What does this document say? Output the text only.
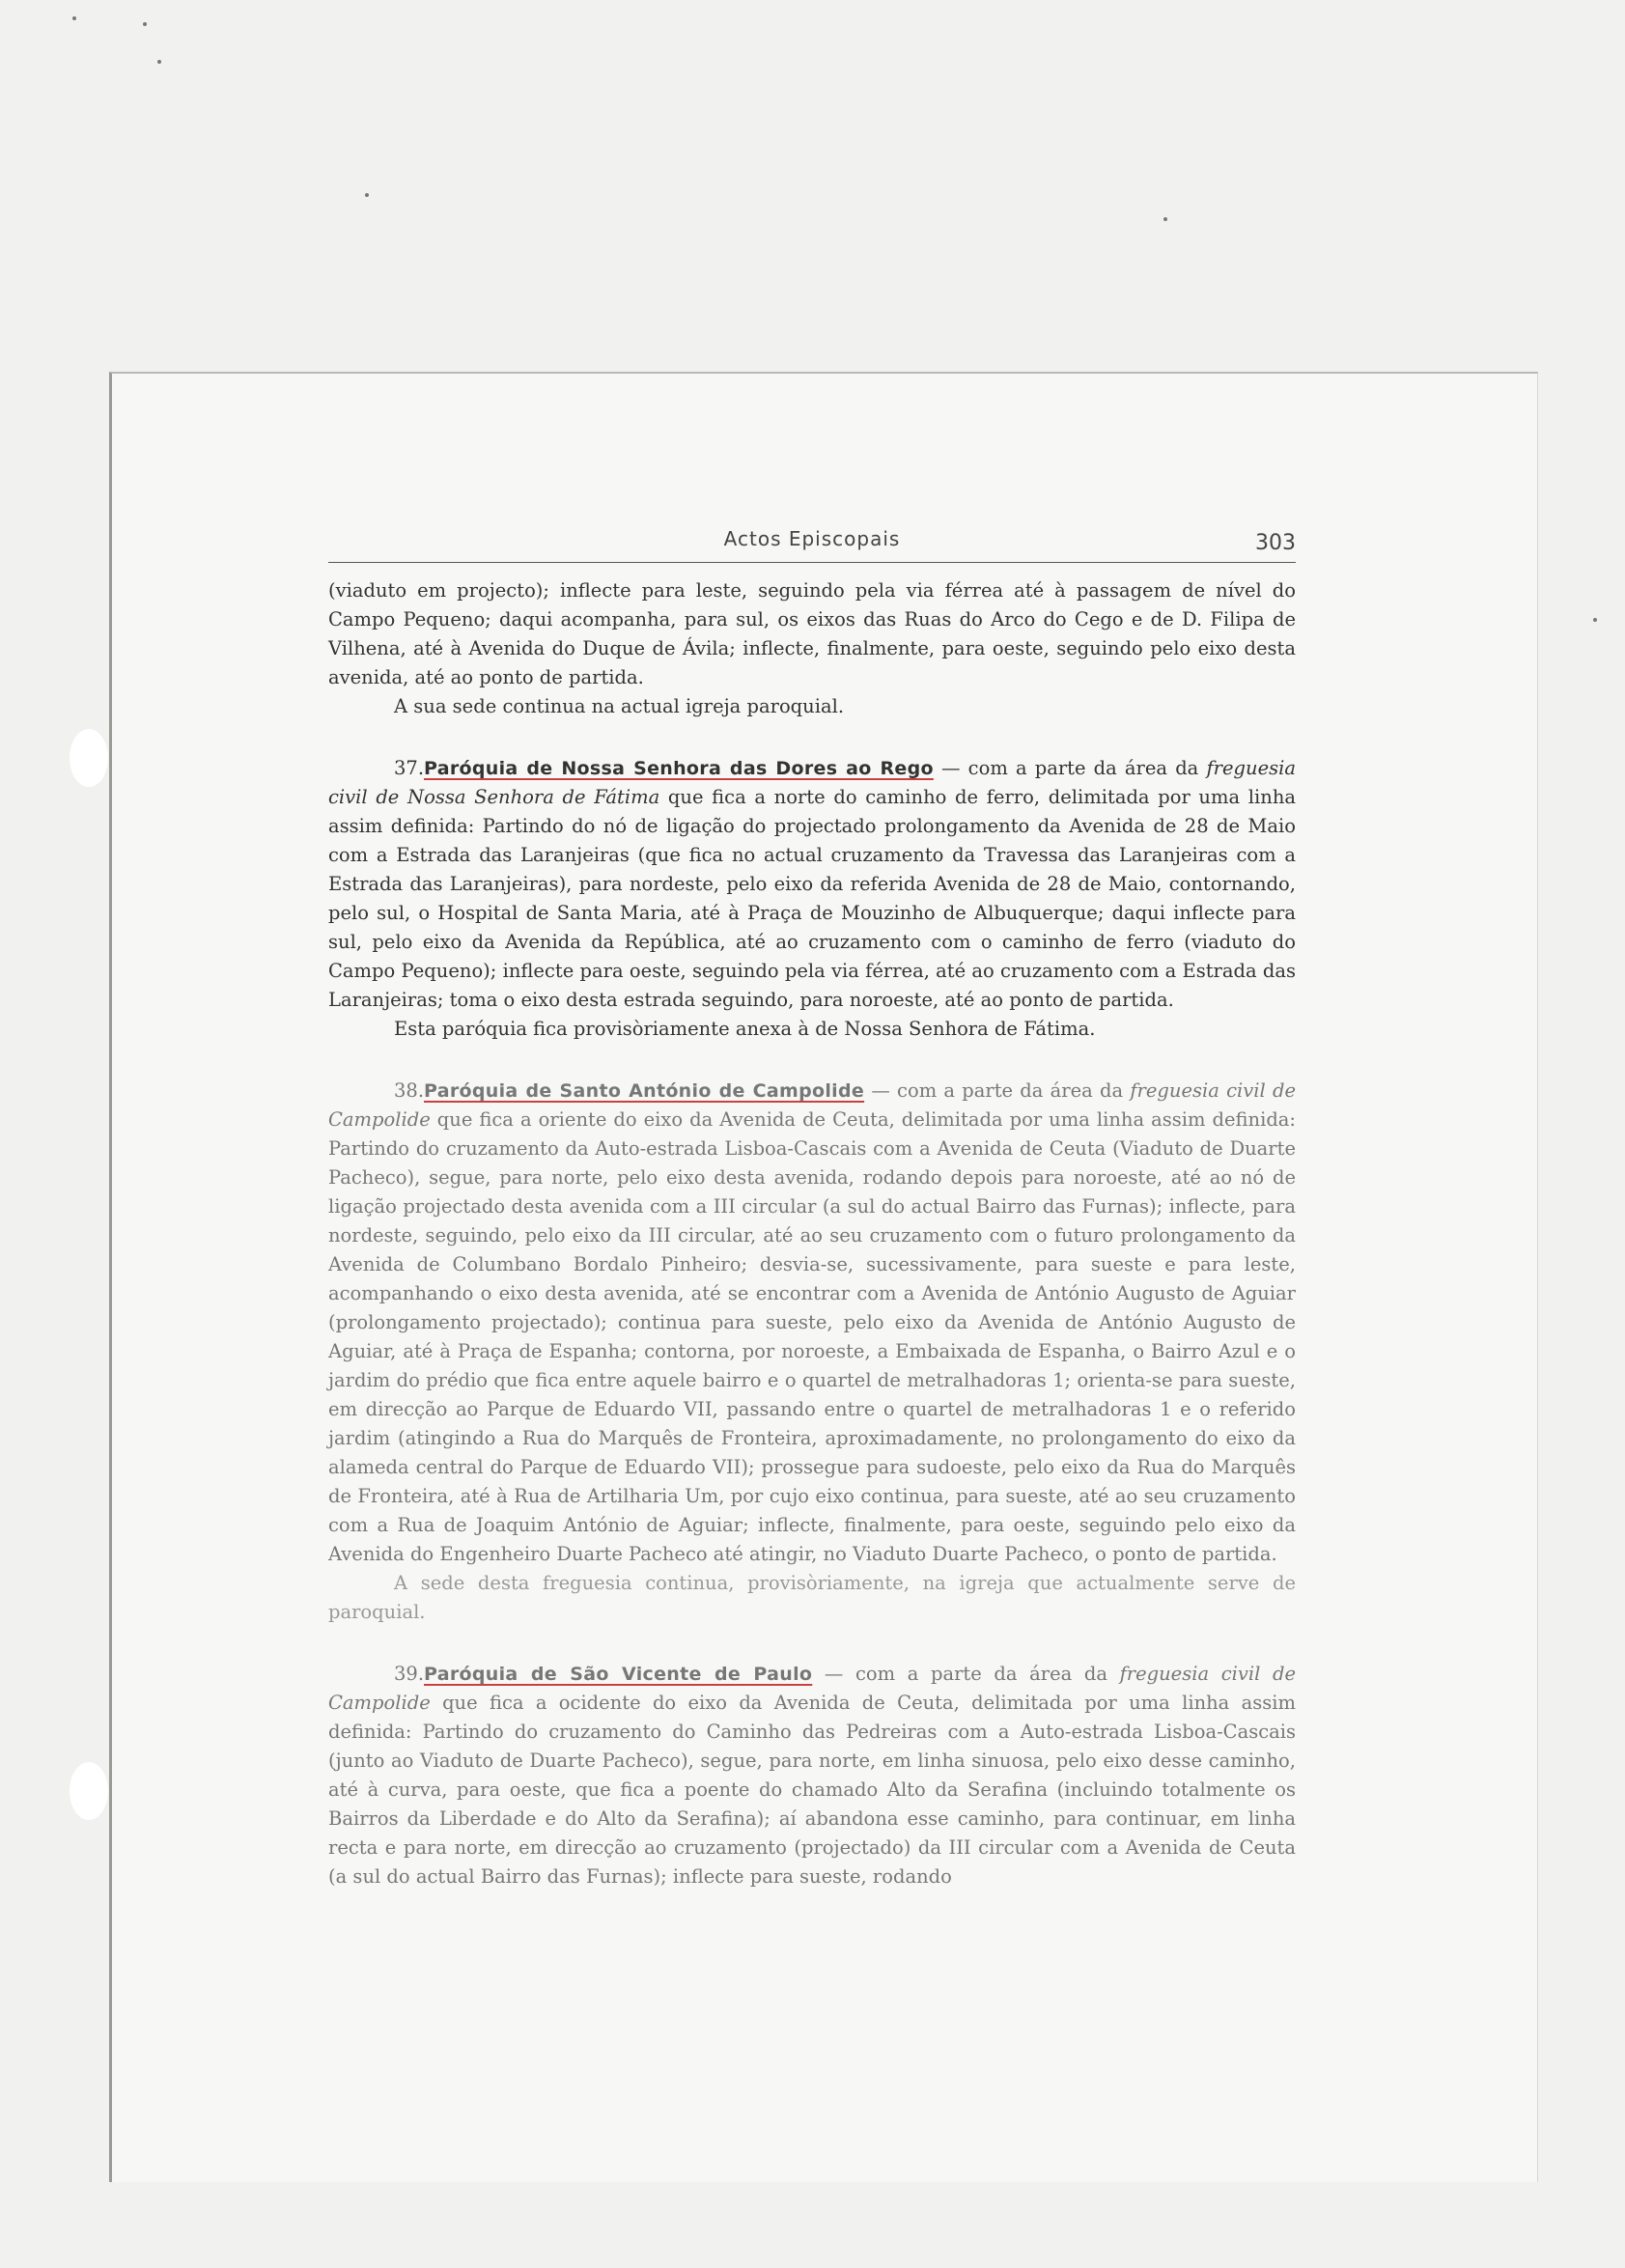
Actos Episcopais	303

(viaduto em projecto); inflecte para leste, seguindo pela via férrea até à passagem de nível do Campo Pequeno; daqui acompanha, para sul, os eixos das Ruas do Arco do Cego e de D. Filipa de Vilhena, até à Avenida do Duque de Ávila; inflecte, finalmente, para oeste, seguindo pelo eixo desta avenida, até ao ponto de partida.

A sua sede continua na actual igreja paroquial.

37.Paróquia de Nossa Senhora das Dores ao Rego — com a parte da área da freguesia civil de Nossa Senhora de Fátima que fica a norte do caminho de ferro, delimitada por uma linha assim definida: Partindo do nó de ligação do projectado prolongamento da Avenida de 28 de Maio com a Estrada das Laranjeiras (que fica no actual cruzamento da Travessa das Laranjeiras com a Estrada das Laranjeiras), para nordeste, pelo eixo da referida Avenida de 28 de Maio, contornando, pelo sul, o Hospital de Santa Maria, até à Praça de Mouzinho de Albuquerque; daqui inflecte para sul, pelo eixo da Avenida da República, até ao cruzamento com o caminho de ferro (viaduto do Campo Pequeno); inflecte para oeste, seguindo pela via férrea, até ao cruzamento com a Estrada das Laranjeiras; toma o eixo desta estrada seguindo, para noroeste, até ao ponto de partida.

Esta paróquia fica provisòriamente anexa à de Nossa Senhora de Fátima.

38.Paróquia de Santo António de Campolide — com a parte da área da freguesia civil de Campolide que fica a oriente do eixo da Avenida de Ceuta, delimitada por uma linha assim definida: Partindo do cruzamento da Auto-estrada Lisboa-Cascais com a Avenida de Ceuta (Viaduto de Duarte Pacheco), segue, para norte, pelo eixo desta avenida, rodando depois para noroeste, até ao nó de ligação projectado desta avenida com a III circular (a sul do actual Bairro das Furnas); inflecte, para nordeste, seguindo, pelo eixo da III circular, até ao seu cruzamento com o futuro prolongamento da Avenida de Columbano Bordalo Pinheiro; desvia-se, sucessivamente, para sueste e para leste, acompanhando o eixo desta avenida, até se encontrar com a Avenida de António Augusto de Aguiar (prolongamento projectado); continua para sueste, pelo eixo da Avenida de António Augusto de Aguiar, até à Praça de Espanha; contorna, por noroeste, a Embaixada de Espanha, o Bairro Azul e o jardim do prédio que fica entre aquele bairro e o quartel de metralhadoras 1; orienta-se para sueste, em direcção ao Parque de Eduardo VII, passando entre o quartel de metralhadoras 1 e o referido jardim (atingindo a Rua do Marquês de Fronteira, aproximadamente, no prolongamento do eixo da alameda central do Parque de Eduardo VII); prossegue para sudoeste, pelo eixo da Rua do Marquês de Fronteira, até à Rua de Artilharia Um, por cujo eixo continua, para sueste, até ao seu cruzamento com a Rua de Joaquim António de Aguiar; inflecte, finalmente, para oeste, seguindo pelo eixo da Avenida do Engenheiro Duarte Pacheco até atingir, no Viaduto Duarte Pacheco, o ponto de partida.

A sede desta freguesia continua, provisòriamente, na igreja que actualmente serve de paroquial.

39.Paróquia de São Vicente de Paulo — com a parte da área da freguesia civil de Campolide que fica a ocidente do eixo da Avenida de Ceuta, delimitada por uma linha assim definida: Partindo do cruzamento do Caminho das Pedreiras com a Auto-estrada Lisboa-Cascais (junto ao Viaduto de Duarte Pacheco), segue, para norte, em linha sinuosa, pelo eixo desse caminho, até à curva, para oeste, que fica a poente do chamado Alto da Serafina (incluindo totalmente os Bairros da Liberdade e do Alto da Serafina); aí abandona esse caminho, para continuar, em linha recta e para norte, em direcção ao cruzamento (projectado) da III circular com a Avenida de Ceuta (a sul do actual Bairro das Furnas); inflecte para sueste, rodando
